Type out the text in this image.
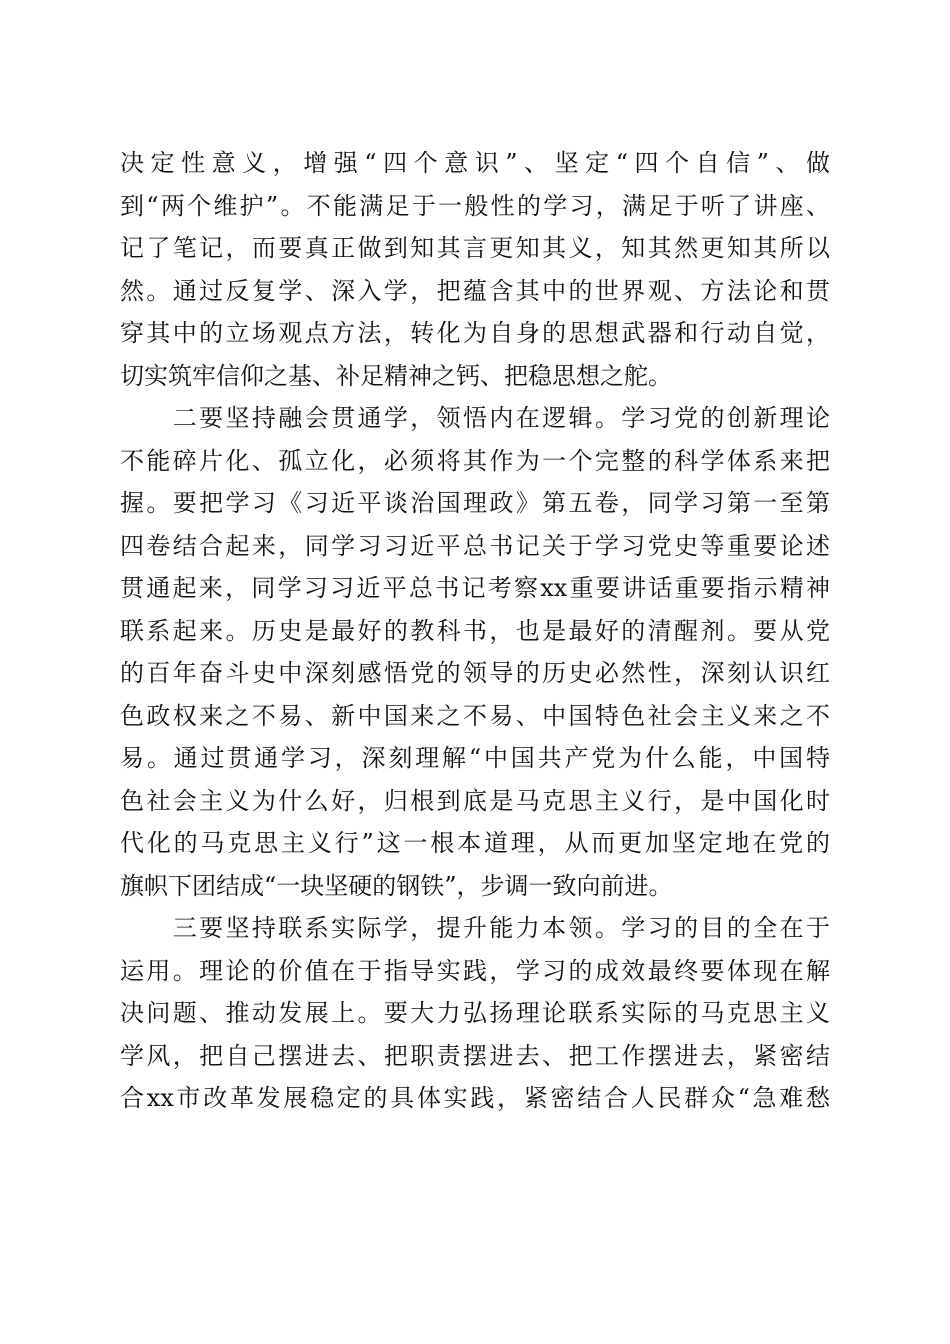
决定性意义，增强“四个意识”、坚定“四个自信”、做
到“两个维护”。不能满足于一般性的学习，满足于听了讲座、
记了笔记，而要真正做到知其言更知其义，知其然更知其所以
然。通过反复学、深入学，把蕴含其中的世界观、方法论和贯
穿其中的立场观点方法，转化为自身的思想武器和行动自觉，
切实筑牢信仰之基、补足精神之钙、把稳思想之舵。
　　二要坚持融会贯通学，领悟内在逻辑。学习党的创新理论
不能碎片化、孤立化，必须将其作为一个完整的科学体系来把
握。要把学习《习近平谈治国理政》第五卷，同学习第一至第
四卷结合起来，同学习习近平总书记关于学习党史等重要论述
贯通起来，同学习习近平总书记考察xx重要讲话重要指示精神
联系起来。历史是最好的教科书，也是最好的清醒剂。要从党
的百年奋斗史中深刻感悟党的领导的历史必然性，深刻认识红
色政权来之不易、新中国来之不易、中国特色社会主义来之不
易。通过贯通学习，深刻理解“中国共产党为什么能，中国特
色社会主义为什么好，归根到底是马克思主义行，是中国化时
代化的马克思主义行”这一根本道理，从而更加坚定地在党的
旗帜下团结成“一块坚硬的钢铁”，步调一致向前进。
　　三要坚持联系实际学，提升能力本领。学习的目的全在于
运用。理论的价值在于指导实践，学习的成效最终要体现在解
决问题、推动发展上。要大力弘扬理论联系实际的马克思主义
学风，把自己摆进去、把职责摆进去、把工作摆进去，紧密结
合xx市改革发展稳定的具体实践，紧密结合人民群众“急难愁
